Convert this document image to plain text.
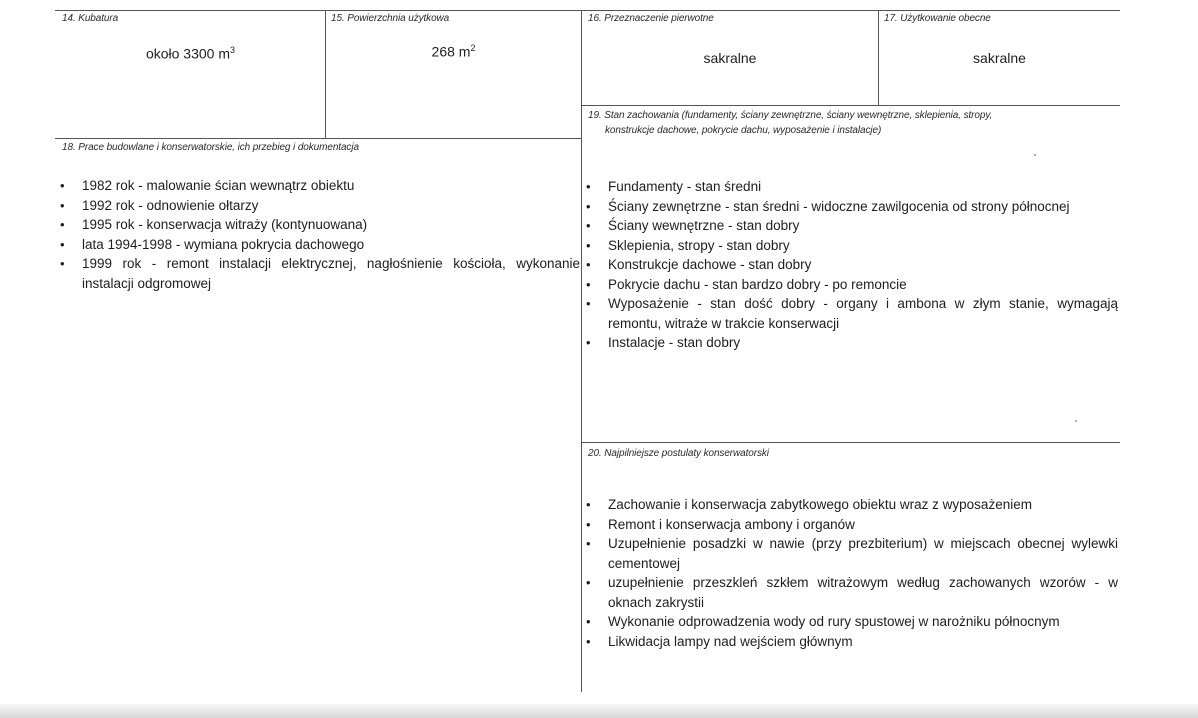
14. Kubatura
około 3300 $m^3$
15. Powierzchnia użytkowa
268 $m^2$
16. Przeznaczenie pierwotne
sakralne
17. Użytkowanie obecne
sakralne
18. Prace budowlane i konserwatorskie, ich przebieg i dokumentacja
• 1982 rok - malowanie ścian wewnątrz obiektu
• 1992 rok - odnowienie ołtarzy
• 1995 rok - konserwacja witraży (kontynuowana)
• lata 1994-1998 - wymiana pokrycia dachowego
• 1999 rok - remont instalacji elektrycznej, nagłośnienie kościoła, wykonanie instalacji odgromowej
19. Stan zachowania (fundamenty, ściany zewnętrzne, ściany wewnętrzne, sklepienia, stropy,
konstrukcje dachowe, pokrycie dachu, wyposażenie i instalacje)
• Fundamenty - stan średni
• Ściany zewnętrzne - stan średni - widoczne zawilgocenia od strony północnej
• Ściany wewnętrzne - stan dobry
• Sklepienia, stropy - stan dobry
• Konstrukcje dachowe - stan dobry
• Pokrycie dachu - stan bardzo dobry - po remoncie
• Wyposażenie - stan dość dobry - organy i ambona w złym stanie, wymagają remontu, witraże w trakcie konserwacji
• Instalacje - stan dobry
20. Najpilniejsze postulaty konserwatorski
• Zachowanie i konserwacja zabytkowego obiektu wraz z wyposażeniem
• Remont i konserwacja ambony i organów
• Uzupełnienie posadzki w nawie (przy prezbiterium) w miejscach obecnej wylewki cementowej
• uzupełnienie przeszkleń szkłem witrażowym według zachowanych wzorów - w oknach zakrystii
• Wykonanie odprowadzenia wody od rury spustowej w narożniku północnym
• Likwidacja lampy nad wejściem głównym
